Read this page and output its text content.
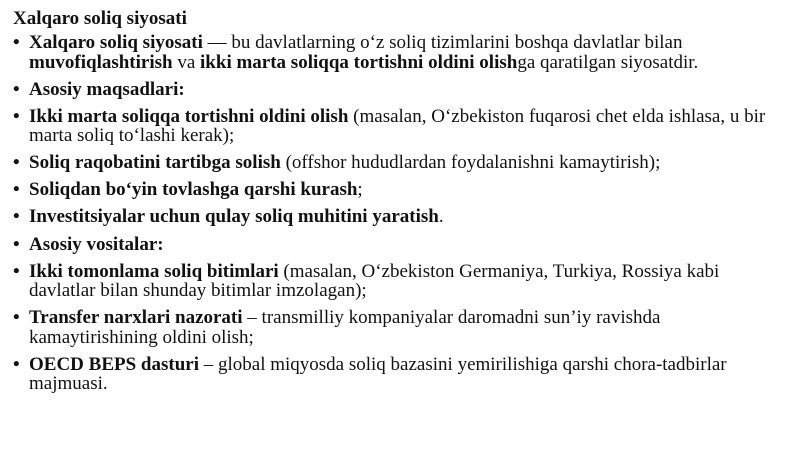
Xalqaro soliq siyosati
• Xalqaro soliq siyosati — bu davlatlarning o‘z soliq tizimlarini boshqa davlatlar bilan muvofiqlashtirish va ikki marta soliqqa tortishni oldini olishga qaratilgan siyosatdir.
• Asosiy maqsadlari:
• Ikki marta soliqqa tortishni oldini olish (masalan, O‘zbekiston fuqarosi chet elda ishlasa, u bir marta soliq to‘lashi kerak);
• Soliq raqobatini tartibga solish (offshor hududlardan foydalanishni kamaytirish);
• Soliqdan bo‘yin tovlashga qarshi kurash;
• Investitsiyalar uchun qulay soliq muhitini yaratish.
• Asosiy vositalar:
• Ikki tomonlama soliq bitimlari (masalan, O‘zbekiston Germaniya, Turkiya, Rossiya kabi davlatlar bilan shunday bitimlar imzolagan);
• Transfer narxlari nazorati – transmilliy kompaniyalar daromadni sun’iy ravishda kamaytirishining oldini olish;
• OECD BEPS dasturi – global miqyosda soliq bazasini yemirilishiga qarshi chora-tadbirlar majmuasi.
